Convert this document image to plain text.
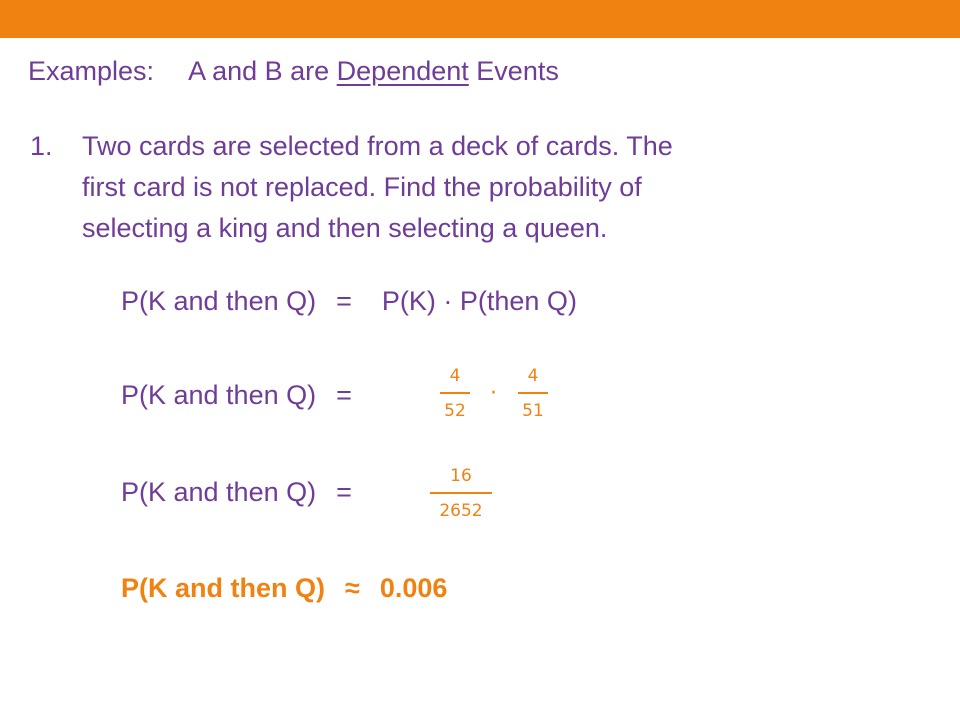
Examples: A and B are Dependent Events
1. Two cards are selected from a deck of cards. The
first card is not replaced. Find the probability of
selecting a king and then selecting a queen.
P(K and then Q) = P(K) · P(then Q)
P(K and then Q) =
4
52
·
4
51
P(K and then Q) =
16
2652
P(K and then Q) ≈ 0.006
